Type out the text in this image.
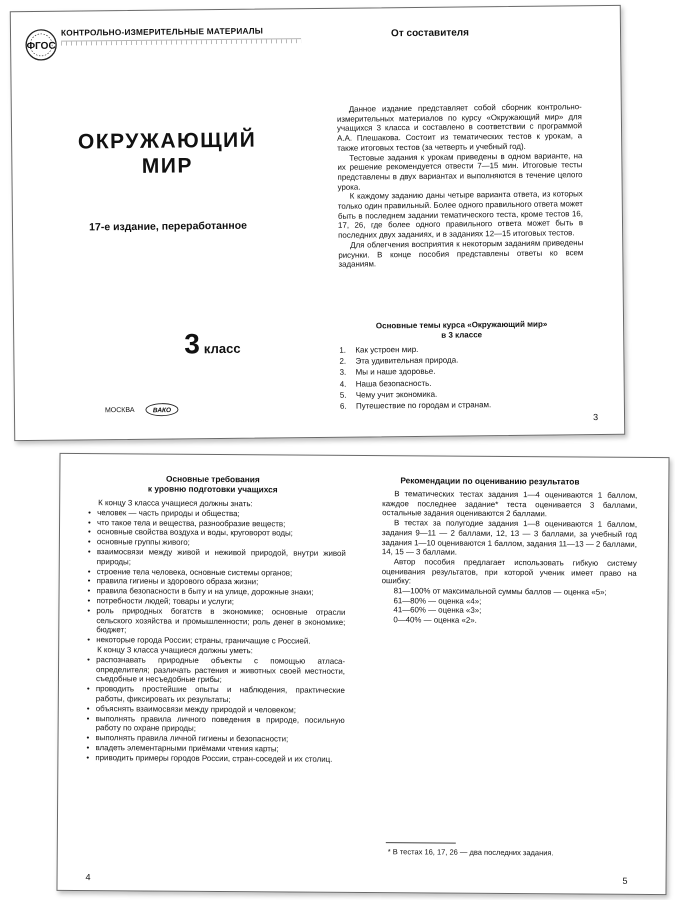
ФГОС
КОНТРОЛЬНО-ИЗМЕРИТЕЛЬНЫЕ МАТЕРИАЛЫ
ОКРУЖАЮЩИЙ
МИР
17-е издание, переработанное
3 класс
МОСКВА	ВАКО
От составителя

Данное издание представляет собой сборник контрольно-измерительных материалов по курсу «Окружающий мир» для учащихся 3 класса и составлено в соответствии с программой А.А. Плешакова. Состоит из тематических тестов к урокам, а также итоговых тестов (за четверть и учебный год).

Тестовые задания к урокам приведены в одном варианте, на их решение рекомендуется отвести 7—15 мин. Итоговые тесты представлены в двух вариантах и выполняются в течение целого урока.

К каждому заданию даны четыре варианта ответа, из которых только один правильный. Более одного правильного ответа может быть в последнем задании тематического теста, кроме тестов 16, 17, 26, где более одного правильного ответа может быть в последних двух заданиях, и в заданиях 12—15 итоговых тестов.

Для облегчения восприятия к некоторым заданиям приведены рисунки. В конце пособия представлены ответы ко всем заданиям.

Основные темы курса «Окружающий мир»
в 3 классе
1. Как устроен мир.
2. Эта удивительная природа.
3. Мы и наше здоровье.
4. Наша безопасность.
5. Чему учит экономика.
6. Путешествие по городам и странам.
3
Основные требования
к уровню подготовки учащихся
К концу 3 класса учащиеся должны знать:
• человек — часть природы и общества;
• что такое тела и вещества, разнообразие веществ;
• основные свойства воздуха и воды, круговорот воды;
• основные группы живого;
• взаимосвязи между живой и неживой природой, внутри живой природы;
• строение тела человека, основные системы органов;
• правила гигиены и здорового образа жизни;
• правила безопасности в быту и на улице, дорожные знаки;
• потребности людей; товары и услуги;
• роль природных богатств в экономике; основные отрасли сельского хозяйства и промышленности; роль денег в экономике; бюджет;
• некоторые города России; страны, граничащие с Россией.
К концу 3 класса учащиеся должны уметь:
• распознавать природные объекты с помощью атласа-определителя; различать растения и животных своей местности, съедобные и несъедобные грибы;
• проводить простейшие опыты и наблюдения, практические работы, фиксировать их результаты;
• объяснять взаимосвязи между природой и человеком;
• выполнять правила личного поведения в природе, посильную работу по охране природы;
• выполнять правила личной гигиены и безопасности;
• владеть элементарными приёмами чтения карты;
• приводить примеры городов России, стран-соседей и их столиц.
Рекомендации по оцениванию результатов

В тематических тестах задания 1—4 оцениваются 1 баллом, каждое последнее задание* теста оценивается 3 баллами, остальные задания оцениваются 2 баллами.

В тестах за полугодие задания 1—8 оцениваются 1 баллом, задания 9—11 — 2 баллами, 12, 13 — 3 баллами, за учебный год задания 1—10 оцениваются 1 баллом, задания 11—13 — 2 баллами, 14, 15 — 3 баллами.

Автор пособия предлагает использовать гибкую систему оценивания результатов, при которой ученик имеет право на ошибку:

81—100% от максимальной суммы баллов — оценка «5»;
61—80% — оценка «4»;
41—60% — оценка «3»;
0—40% — оценка «2».
* В тестах 16, 17, 26 — два последних задания.
4	5
